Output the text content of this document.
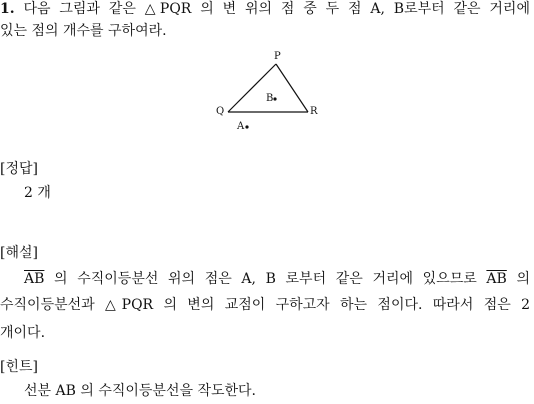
1. 다음 그림과 같은 △PQR 의 변 위의 점 중 두 점 A, B로부터 같은 거리에
있는 점의 개수를 구하여라.
P
Q	R
B
A
[정답]
2 개
[해설]
$\overline{AB}$ 의 수직이등분선 위의 점은 A, B 로부터 같은 거리에 있으므로 $\overline{AB}$ 의
수직이등분선과 △PQR 의 변의 교점이 구하고자 하는 점이다. 따라서 점은 2
개이다.
[힌트]
선분 AB 의 수직이등분선을 작도한다.
